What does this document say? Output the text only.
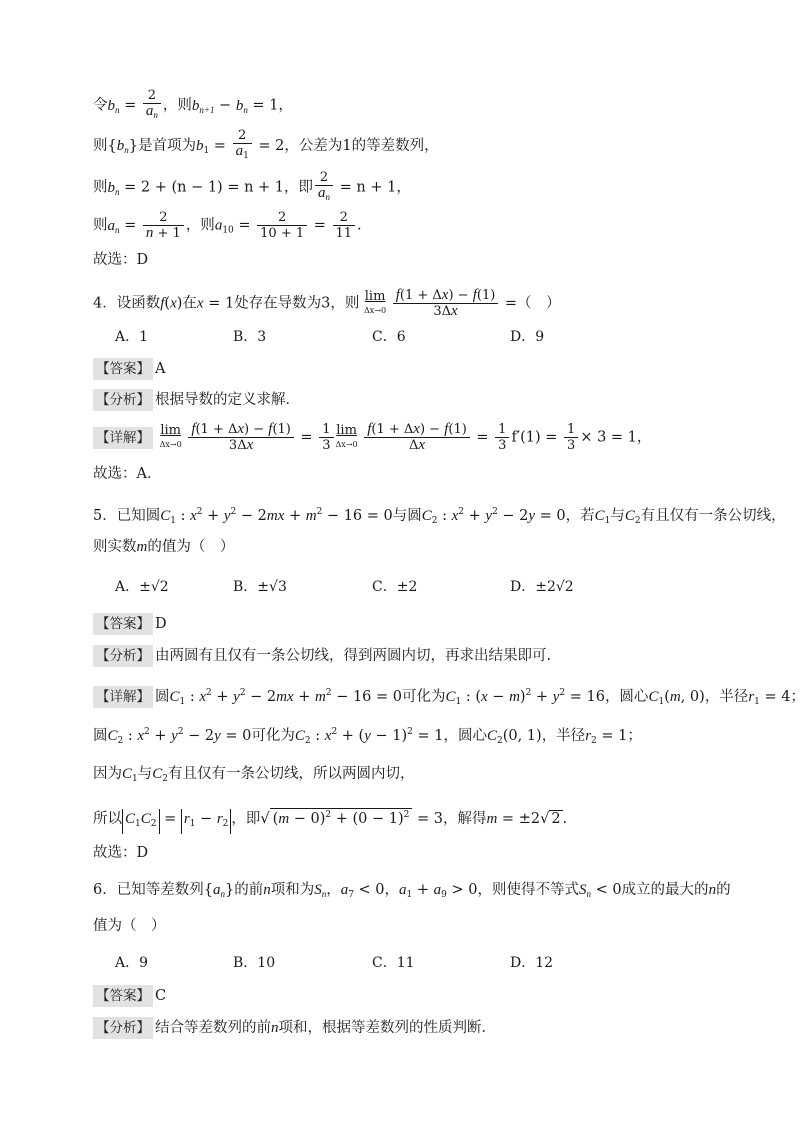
令$b_n = \frac{2}{a_n}$ ，则$b_{n+1} - b_n = 1$，
则$\{b_n\}$是首项为$b_1 = \frac{2}{a_1} = 2$，公差为1的等差数列，
则$b_n = 2 + (n - 1) = n + 1$，即 $\frac{2}{a_n} = n + 1$，
则$a_n = \frac{2}{n + 1}$ ，则$a_{10} = \frac{2}{10 + 1} = \frac{2}{11}$ .
故选：D
4．设函数f(x)在x = 1处存在导数为3，则 lim
Δx→0
$\frac{f(1 + \Delta x) - f(1)}{3\Delta x}$ =（　）
A．1	B．3	C．6	D．9
【答案】 A
【分析】 根据导数的定义求解．
【详解】 lim
Δx→0
$\frac{f(1 + \Delta x) - f(1)}{3\Delta x} = \frac{1}{3}$ lim
Δx→0
$\frac{f(1 + \Delta x) - f(1)}{\Delta x} = \frac{1}{3} f'(1) = \frac{1}{3} \times 3 = 1$，
故选：A．
5．已知圆$C_1$ : $x^2 + y^2 - 2mx + m^2 - 16 = 0$与圆$C_2$ : $x^2 + y^2 - 2y = 0$，若$C_1$与$C_2$有且仅有一条公切线，
则实数m的值为（　）
A．±√2	B．±√3	C．±2	D．±2√2
【答案】 D
【分析】 由两圆有且仅有一条公切线，得到两圆内切，再求出结果即可.
【详解】 圆$C_1$ : $x^2 + y^2 - 2mx + m^2 - 16 = 0$可化为$C_1$ : $(x - m)^2 + y^2 = 16$，圆心$C_1(m$, 0)，半径$r_1 = 4$；
圆$C_2$ : $x^2 + y^2 - 2y = 0$可化为$C_2$ : $x^2 + (y - 1)^2 = 1$，圆心$C_2(0$, 1)，半径$r_2 = 1$；
因为$C_1$与$C_2$有且仅有一条公切线，所以两圆内切，
所以 $C_1C_2 = r_1 - r_2$ ，即√ $(m - 0)^2 + (0 - 1)^2 = 3$，解得m = ±2√ 2 .
故选：D
6．已知等差数列$\{a_n\}$的前n项和为$S_n$，$a_7 < 0$，$a_1 + a_9 > 0$，则使得不等式$S_n < 0$成立的最大的n的
值为（　）
A．9	B．10	C．11	D．12
【答案】 C
【分析】 结合等差数列的前n项和，根据等差数列的性质判断．
